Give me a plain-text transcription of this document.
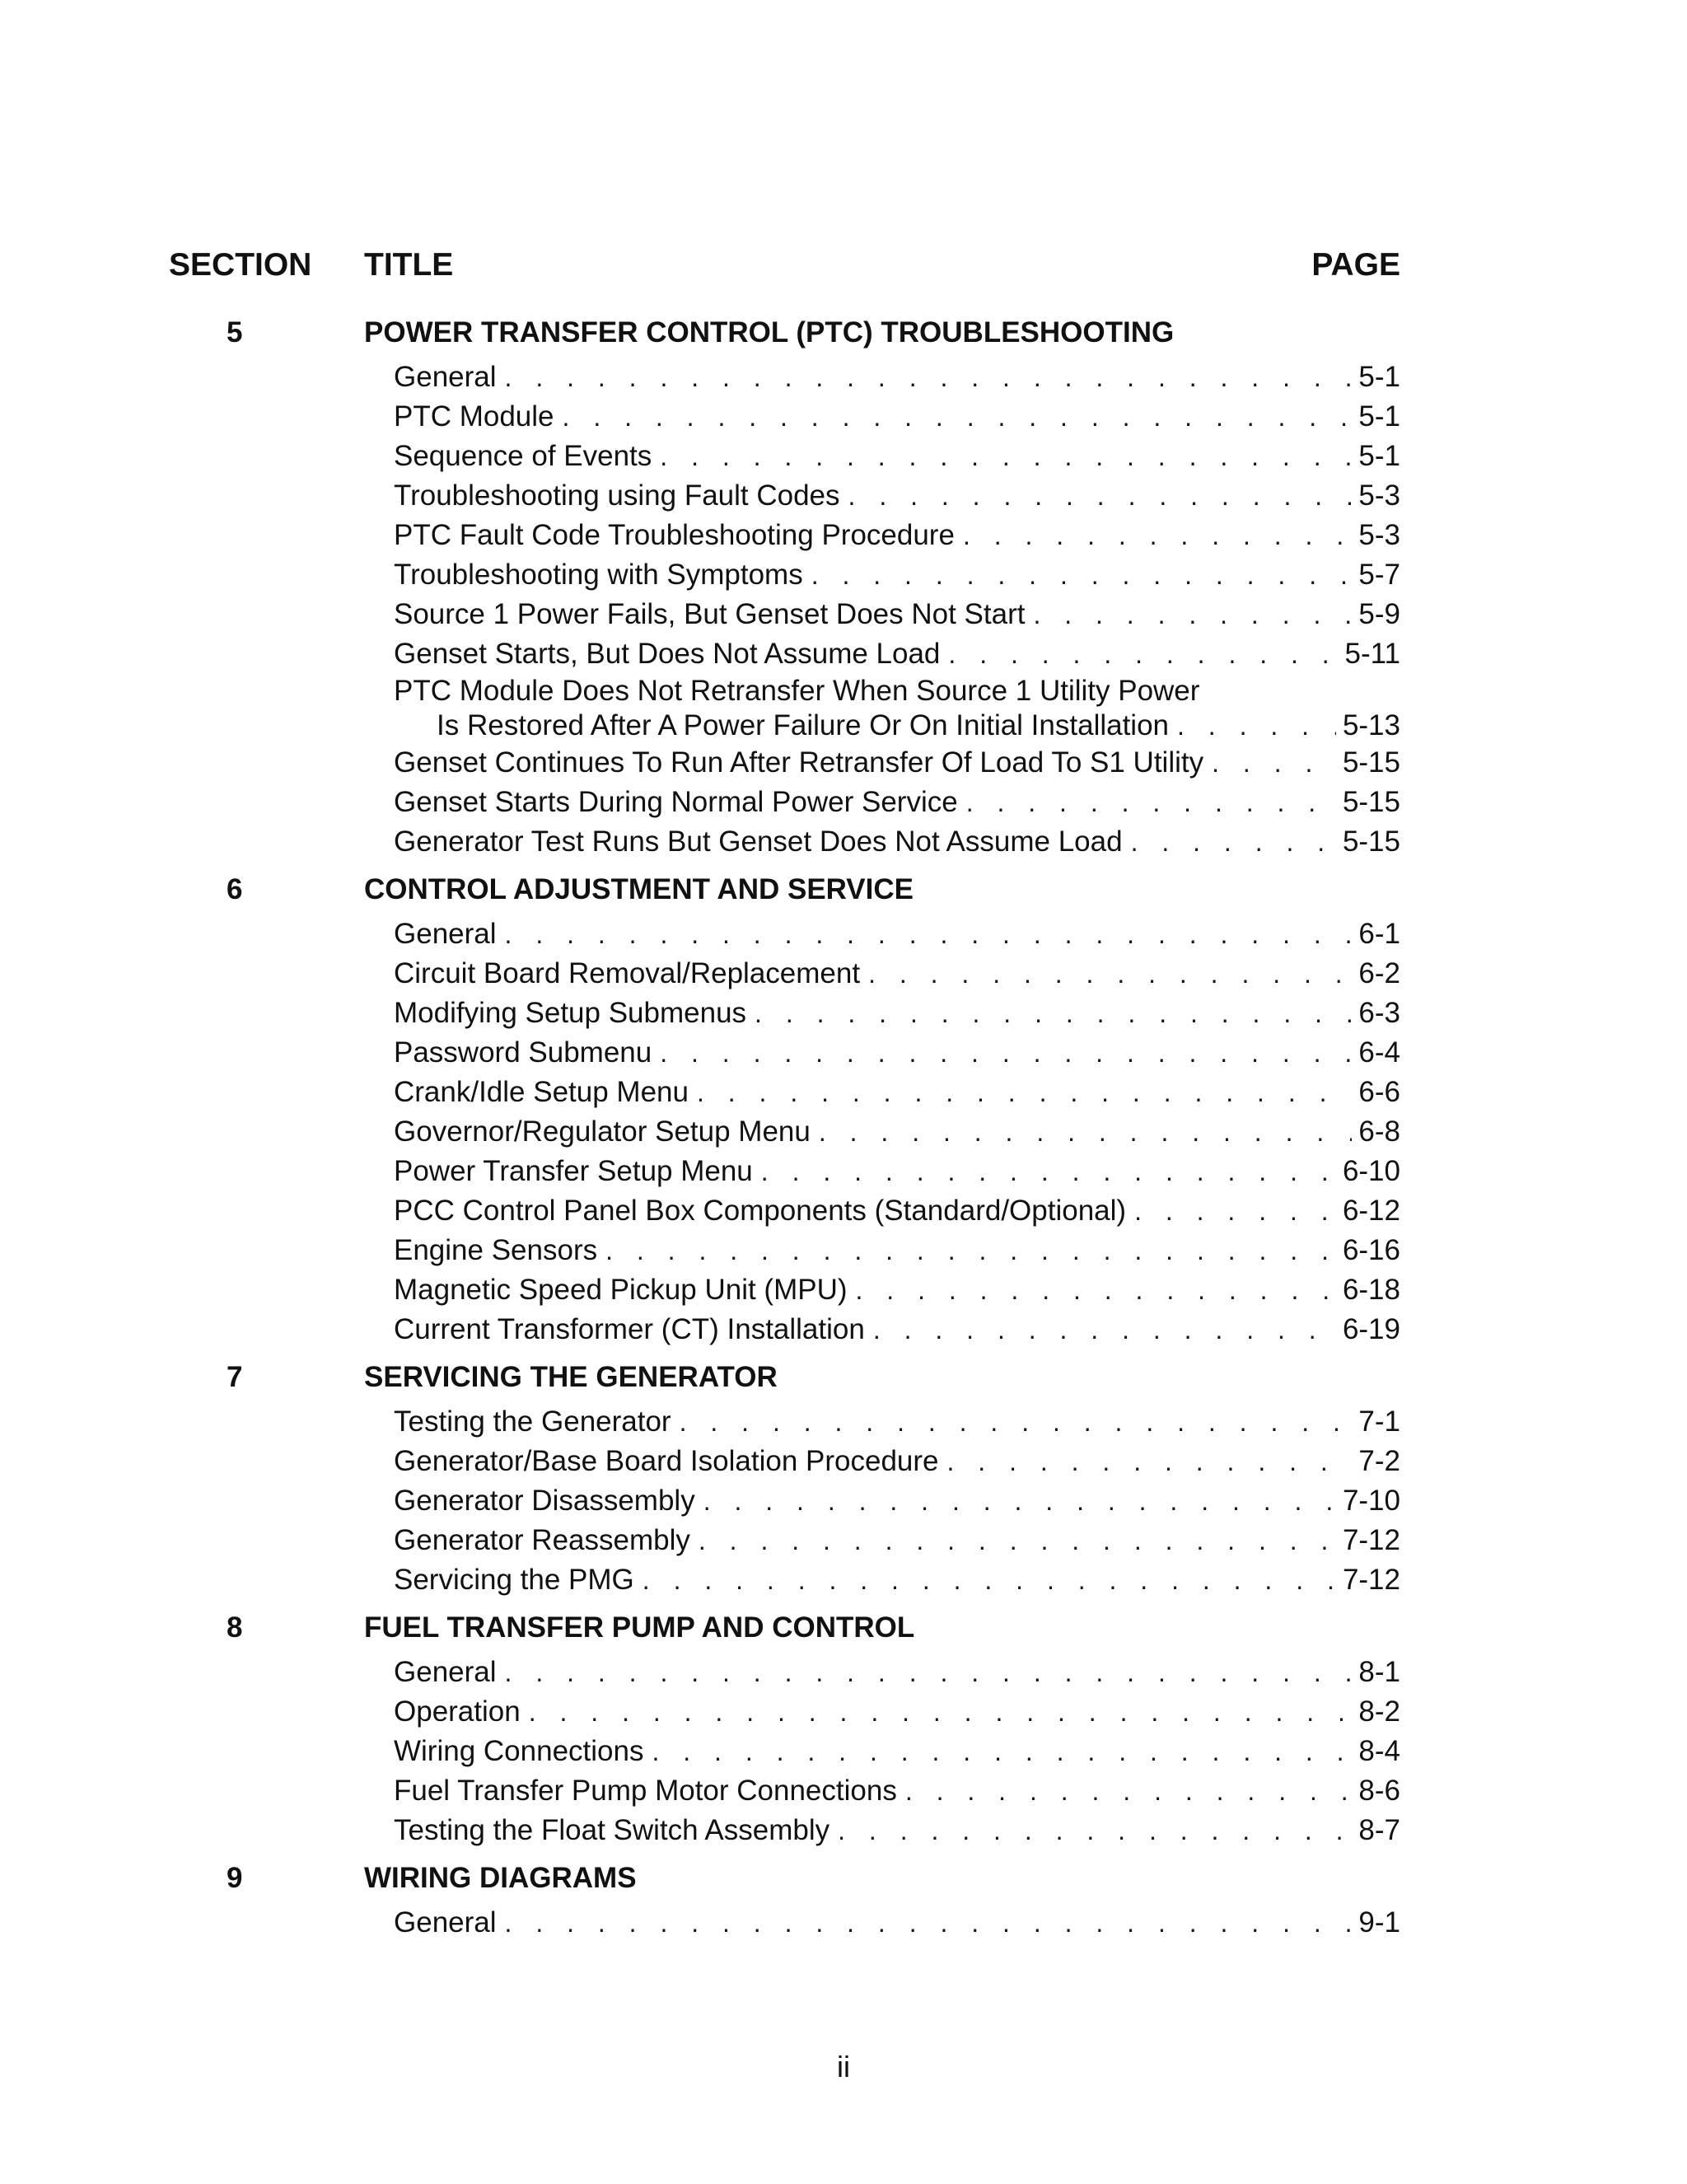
SECTION TITLE	PAGE
5	POWER TRANSFER CONTROL (PTC) TROUBLESHOOTING
General . . .	5-1
PTC Module . . .	5-1
Sequence of Events . . .	5-1
Troubleshooting using Fault Codes . . .	5-3
PTC Fault Code Troubleshooting Procedure . . .	5-3
Troubleshooting with Symptoms . . .	5-7
Source 1 Power Fails, But Genset Does Not Start . . .	5-9
Genset Starts, But Does Not Assume Load . . .	5-11
PTC Module Does Not Retransfer When Source 1 Utility Power
Is Restored After A Power Failure Or On Initial Installation . . .	5-13
Genset Continues To Run After Retransfer Of Load To S1 Utility . . .	5-15
Genset Starts During Normal Power Service . . .	5-15
Generator Test Runs But Genset Does Not Assume Load . . .	5-15
6	CONTROL ADJUSTMENT AND SERVICE
General . . .	6-1
Circuit Board Removal/Replacement . . .	6-2
Modifying Setup Submenus . . .	6-3
Password Submenu . . .	6-4
Crank/Idle Setup Menu . . .	6-6
Governor/Regulator Setup Menu . . .	6-8
Power Transfer Setup Menu . . .	6-10
PCC Control Panel Box Components (Standard/Optional) . . .	6-12
Engine Sensors . . .	6-16
Magnetic Speed Pickup Unit (MPU) . . .	6-18
Current Transformer (CT) Installation . . .	6-19
7	SERVICING THE GENERATOR
Testing the Generator . . .	7-1
Generator/Base Board Isolation Procedure . . .	7-2
Generator Disassembly . . .	7-10
Generator Reassembly . . .	7-12
Servicing the PMG . . .	7-12
8	FUEL TRANSFER PUMP AND CONTROL
General . . .	8-1
Operation . . .	8-2
Wiring Connections . . .	8-4
Fuel Transfer Pump Motor Connections . . .	8-6
Testing the Float Switch Assembly . . .	8-7
9	WIRING DIAGRAMS
General . . .	9-1
ii
